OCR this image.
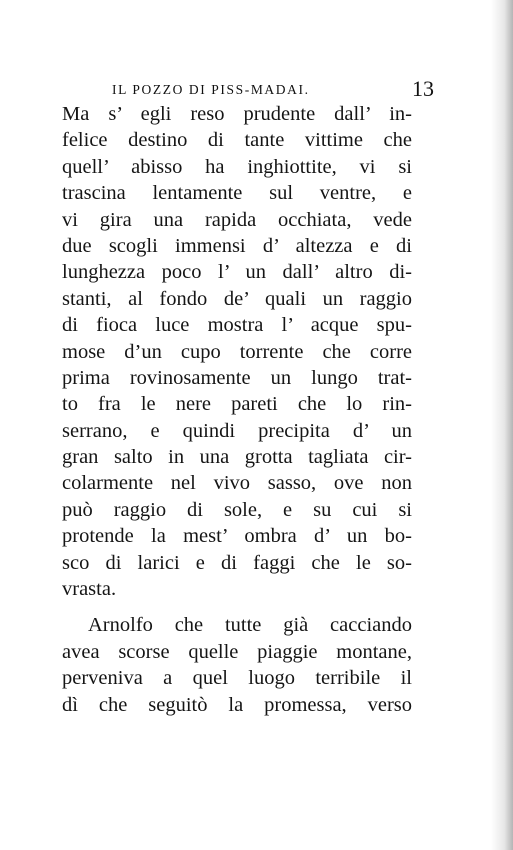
IL POZZO DI PISS-MADAI.	13
Ma s’ egli reso prudente dall’ in-
felice destino di tante vittime che
quell’ abisso ha inghiottite, vi si
trascina lentamente sul ventre, e
vi gira una rapida occhiata, vede
due scogli immensi d’ altezza e di
lunghezza poco l’ un dall’ altro di-
stanti, al fondo de’ quali un raggio
di fioca luce mostra l’ acque spu-
mose d’un cupo torrente che corre
prima rovinosamente un lungo trat-
to fra le nere pareti che lo rin-
serrano, e quindi precipita d’ un
gran salto in una grotta tagliata cir-
colarmente nel vivo sasso, ove non
può raggio di sole, e su cui si
protende la mest’ ombra d’ un bo-
sco di larici e di faggi che le so-
vrasta.
Arnolfo che tutte già cacciando
avea scorse quelle piaggie montane,
perveniva a quel luogo terribile il
dì che seguitò la promessa, verso
